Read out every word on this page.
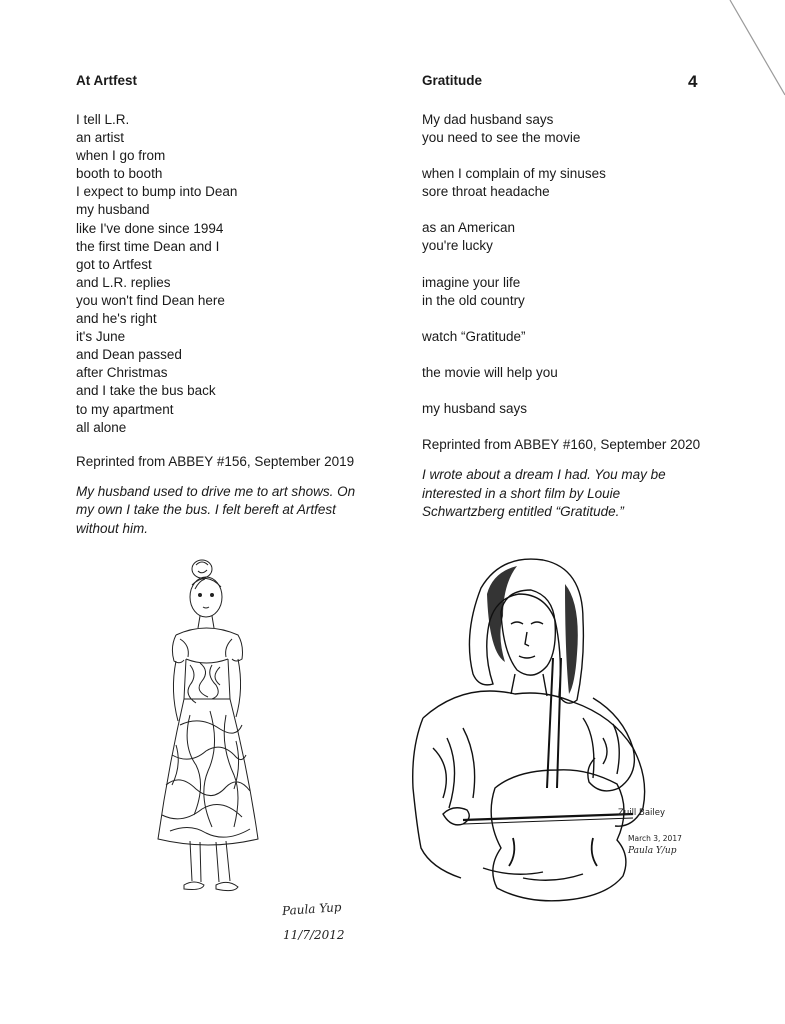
4
At Artfest
I tell L.R.
an artist
when I go from
booth to booth
I expect to bump into Dean
my husband
like I've done since 1994
the first time Dean and I
got to Artfest
and L.R. replies
you won't find Dean here
and he's right
it's June
and Dean passed
after Christmas
and I take the bus back
to my apartment
all alone
Reprinted from ABBEY #156, September 2019
My husband used to drive me to art shows. On my own I take the bus. I felt bereft at Artfest without him.
Gratitude
My dad husband says
you need to see the movie
when I complain of my sinuses
sore throat headache
as an American
you're lucky
imagine your life
in the old country
watch “Gratitude”
the movie will help you
my husband says
Reprinted from ABBEY #160, September 2020
I wrote about a dream I had. You may be interested in a short film by Louie Schwartzberg entitled “Gratitude.”
Paula Yup
11/7/2012
Zuill Bailey
March 3, 2017
Paula Y/up
